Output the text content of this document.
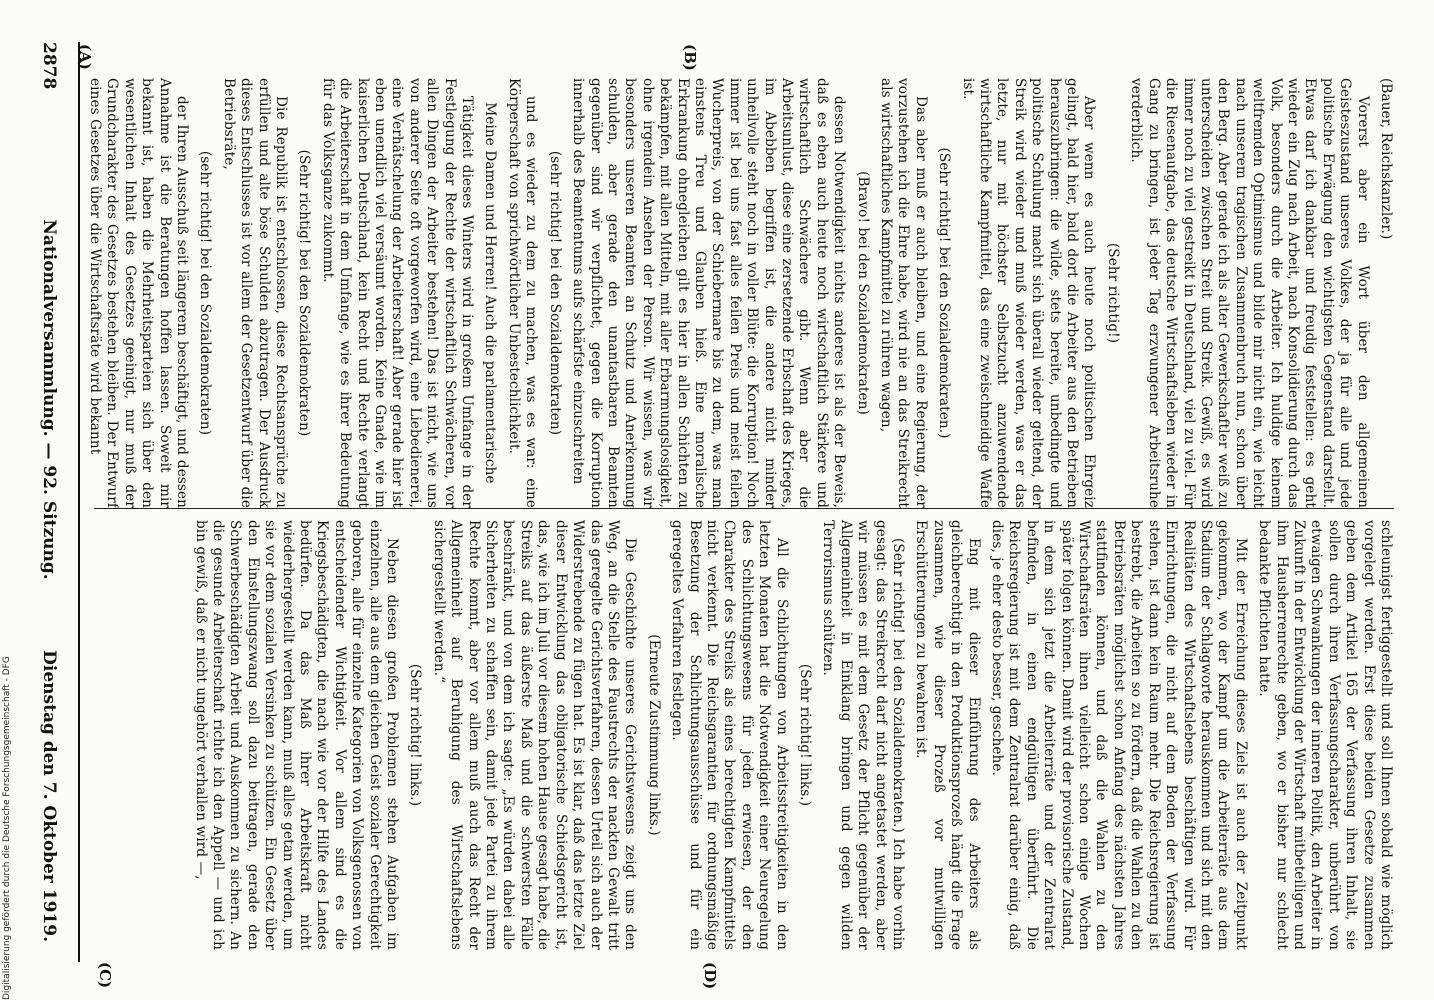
2878
Nationalversammlung. — 92. Sitzung.
Dienstag den 7. Oktober 1919.
(A)	(B)
(C)	(D)

(Bauer, Reichskanzler.)

Vorerst aber ein Wort über den allgemeinen Geisteszustand unseres Volkes, der ja für alle und jede politische Erwägung den wichtigsten Gegenstand darstellt. Etwas darf ich dankbar und freudig feststellen: es geht wieder ein Zug nach Arbeit, nach Konsolidierung durch das Volk, besonders durch die Arbeiter. Ich huldige keinem weltfremden Optimismus und bilde mir nicht ein, wie leicht nach unserem tragischen Zusammenbruch nun, schon über den Berg. Aber gerade ich als alter Gewerkschaftler weiß zu unterscheiden zwischen Streit und Streik. Gewiß, es wird immer noch zu viel gestreikt in Deutschland, viel zu viel. Für die Riesenaufgabe, das deutsche Wirtschaftsleben wieder in Gang zu bringen, ist jeder Tag erzwungener Arbeitsruhe verderblich.

(Sehr richtig!)

Aber wenn es auch heute noch politischen Ehrgeiz gelingt, bald hier, bald dort die Arbeiter aus den Betrieben herauszubringen: die wilde, stets bereite, unbedingte und politische Schulung macht sich überall wieder geltend, der Streik wird wieder und muß wieder werden, was er das letzte, nur mit höchster Selbstzucht anzuwendende wirtschaftliche Kampfmittel, das eine zweischneidige Waffe ist.

(Sehr richtig! bei den Sozialdemokraten.)

Das aber muß er auch bleiben, und eine Regierung, der vorzustehen ich die Ehre habe, wird nie an das Streikrecht als wirtschaftliches Kampfmittel zu rühren wagen,

(Bravo! bei den Sozialdemokraten)

dessen Notwendigkeit nichts anderes ist als der Beweis, daß es eben auch heute noch wirtschaftlich Stärkere und wirtschaftlich Schwächere gibt. Wenn aber die Arbeitsunlust, diese eine zersetzende Erbschaft des Krieges, im Abebben begriffen ist, die andere nicht minder unheilvolle steht noch in voller Blüte: die Korruption! Noch immer ist bei uns fast alles feilen Preis und meist feilen Wucherpreis, von der Schiebermare bis zu dem, was man einstens Treu und Glauben hieß. Eine moralische Erkrankung ohnegleichen gilt es hier in allen Schichten zu bekämpfen, mit allen Mitteln, mit aller Erbarmungslosigkeit, ohne irgendein Ansehen der Person. Wir wissen, was wir besonders unseren Beamten an Schutz und Anerkennung schulden, aber gerade den unantastbaren Beamten gegenüber sind wir verpflichtet, gegen die Korruption innerhalb des Beamtentums aufs schärfste einzuschreiten

(sehr richtig! bei den Sozialdemokraten)

und es wieder zu dem zu machen, was es war: eine Körperschaft von sprichwörtlicher Unbestechlichkeit.

Meine Damen und Herren! Auch die parlamentarische

Tätigkeit dieses Winters wird in großem Umfange in der Festlegung der Rechte der wirtschaftlich Schwächeren, vor allen Dingen der Arbeiter bestehen! Das ist nicht, wie uns von anderer Seite oft vorgeworfen wird, eine Liebedienerei, eine Verhätschelung der Arbeiterschaft! Aber gerade hier ist eben unendlich viel versäumt worden. Keine Gnade, wie im kaiserlichen Deutschland, kein Recht und Rechte verlangt die Arbeiterschaft in dem Umfange, wie es ihrer Bedeutung für das Volksganze zukommt.

(Sehr richtig! bei den Sozialdemokraten)

Die Republik ist entschlossen, diese Rechtsansprüche zu erfüllen und alte böse Schulden abzutragen. Der Ausdruck dieses Entschlusses ist vor allem der Gesetzentwurf über die Betriebsräte,

(sehr richtig! bei den Sozialdemokraten)

der Ihren Ausschuß seit längerem beschäftigt, und dessen Annahme ist die Beratungen hoffen lassen. Soweit mir bekannt ist, haben die Mehrheitsparteien sich über den wesentlichen Inhalt des Gesetzes geeinigt, nur muß der Grundcharakter des Gesetzes bestehen bleiben. Der Entwurf eines Gesetzes über die Wirtschaftsräte wird bekannt

schleunigst fertiggestellt und soll Ihnen sobald wie möglich vorgelegt werden. Erst diese beiden Gesetze zusammen geben dem Artikel 165 der Verfassung ihren Inhalt, sie sollen durch ihren Verfassungscharakter, unberührt von etwaigen Schwankungen der inneren Politik, den Arbeiter in Zukunft in der Entwicklung der Wirtschaft mitbeteiligen und ihm Hausherrenrechte geben, wo er bisher nur schlecht bedankte Pflichten hatte.

Mit der Erreichung dieses Ziels ist auch der Zeitpunkt gekommen, wo der Kampf um die Arbeiterräte aus dem Stadium der Schlagworte herauskommen und sich mit den Realitäten des Wirtschaftslebens beschäftigen wird. Für Einrichtungen, die nicht auf dem Boden der Verfassung stehen, ist dann kein Raum mehr. Die Reichsregierung ist bestrebt, die Arbeiten so zu fördern, daß die Wahlen zu den Betriebsräten möglichst schon Anfang des nächsten Jahres stattfinden können, und daß die Wahlen zu den Wirtschaftsräten ihnen vielleicht schon einige Wochen später folgen können. Damit wird der provisorische Zustand, in dem sich jetzt die Arbeiterräte und der Zentralrat befinden, in einen endgültigen überführt. Die Reichsregierung ist mit dem Zentralrat darüber einig, daß dies, je eher desto besser, geschehe.

Eng mit dieser Einführung des Arbeiters als gleichberechtigt in den Produktionsprozeß hängt die Frage zusammen, wie dieser Prozeß vor mutwilligen Erschütterungen zu bewahren ist.

(Sehr richtig! bei den Sozialdemokraten.) Ich habe vorhin gesagt: das Streikrecht darf nicht angetastet werden, aber wir müssen es mit dem Gesetz der Pflicht gegenüber der Allgemeinheit in Einklang bringen und gegen wilden Terrorismus schützen.

(Sehr richtig! links.)

All die Schlichtungen von Arbeitsstreitigkeiten in den letzten Monaten hat die Notwendigkeit einer Neuregelung des Schlichtungswesens für jeden erwiesen, der den Charakter des Streiks als eines berechtigten Kampfmittels nicht verkennt. Die Reichsgarantien für ordnungsmäßige Besetzung der Schlichtungsausschüsse und für ein geregeltes Verfahren festlegen.

(Erneute Zustimmung links.)

Die Geschichte unseres Gerichtswesens zeigt uns den Weg, an die Stelle des Faustrechts der nackten Gewalt tritt das geregelte Gerichtsverfahren, dessen Urteil sich auch der Widerstrebende zu fügen hat. Es ist klar, daß das letzte Ziel dieser Entwicklung das obligatorische Schiedsgericht ist, das, wie ich im Juli vor diesem hohen Hause gesagt habe, die Streiks auf das äußerste Maß und die schwersten Fälle beschränkt, und von dem ich sagte: „Es würden dabei alle Sicherheiten zu schaffen sein, damit jede Partei zu ihrem Rechte kommt, aber vor allem muß auch das Recht der Allgemeinheit auf Beruhigung des Wirtschaftslebens sichergestellt werden.“

(Sehr richtig! links.)

Neben diesen großen Problemen stehen Aufgaben im einzelnen, alle aus dem gleichen Geist sozialer Gerechtigkeit geboren, alle für einzelne Kategorien von Volksgenossen von entscheidender Wichtigkeit. Vor allem sind es die Kriegsbeschädigten, die nach wie vor der Hilfe des Landes bedürfen. Da das Maß ihrer Arbeitskraft nicht wiederhergestellt werden kann, muß alles getan werden, um sie vor dem sozialen Versinken zu schützen. Ein Gesetz über den Einstellungszwang soll dazu beitragen, gerade den Schwerbeschädigten Arbeit und Auskommen zu sichern. An die gesunde Arbeiterschaft richte ich den Appell — und ich bin gewiß, daß er nicht ungehört verhallen wird —,

Digitalisierung gefördert durch die Deutsche Forschungsgemeinschaft - DFG
